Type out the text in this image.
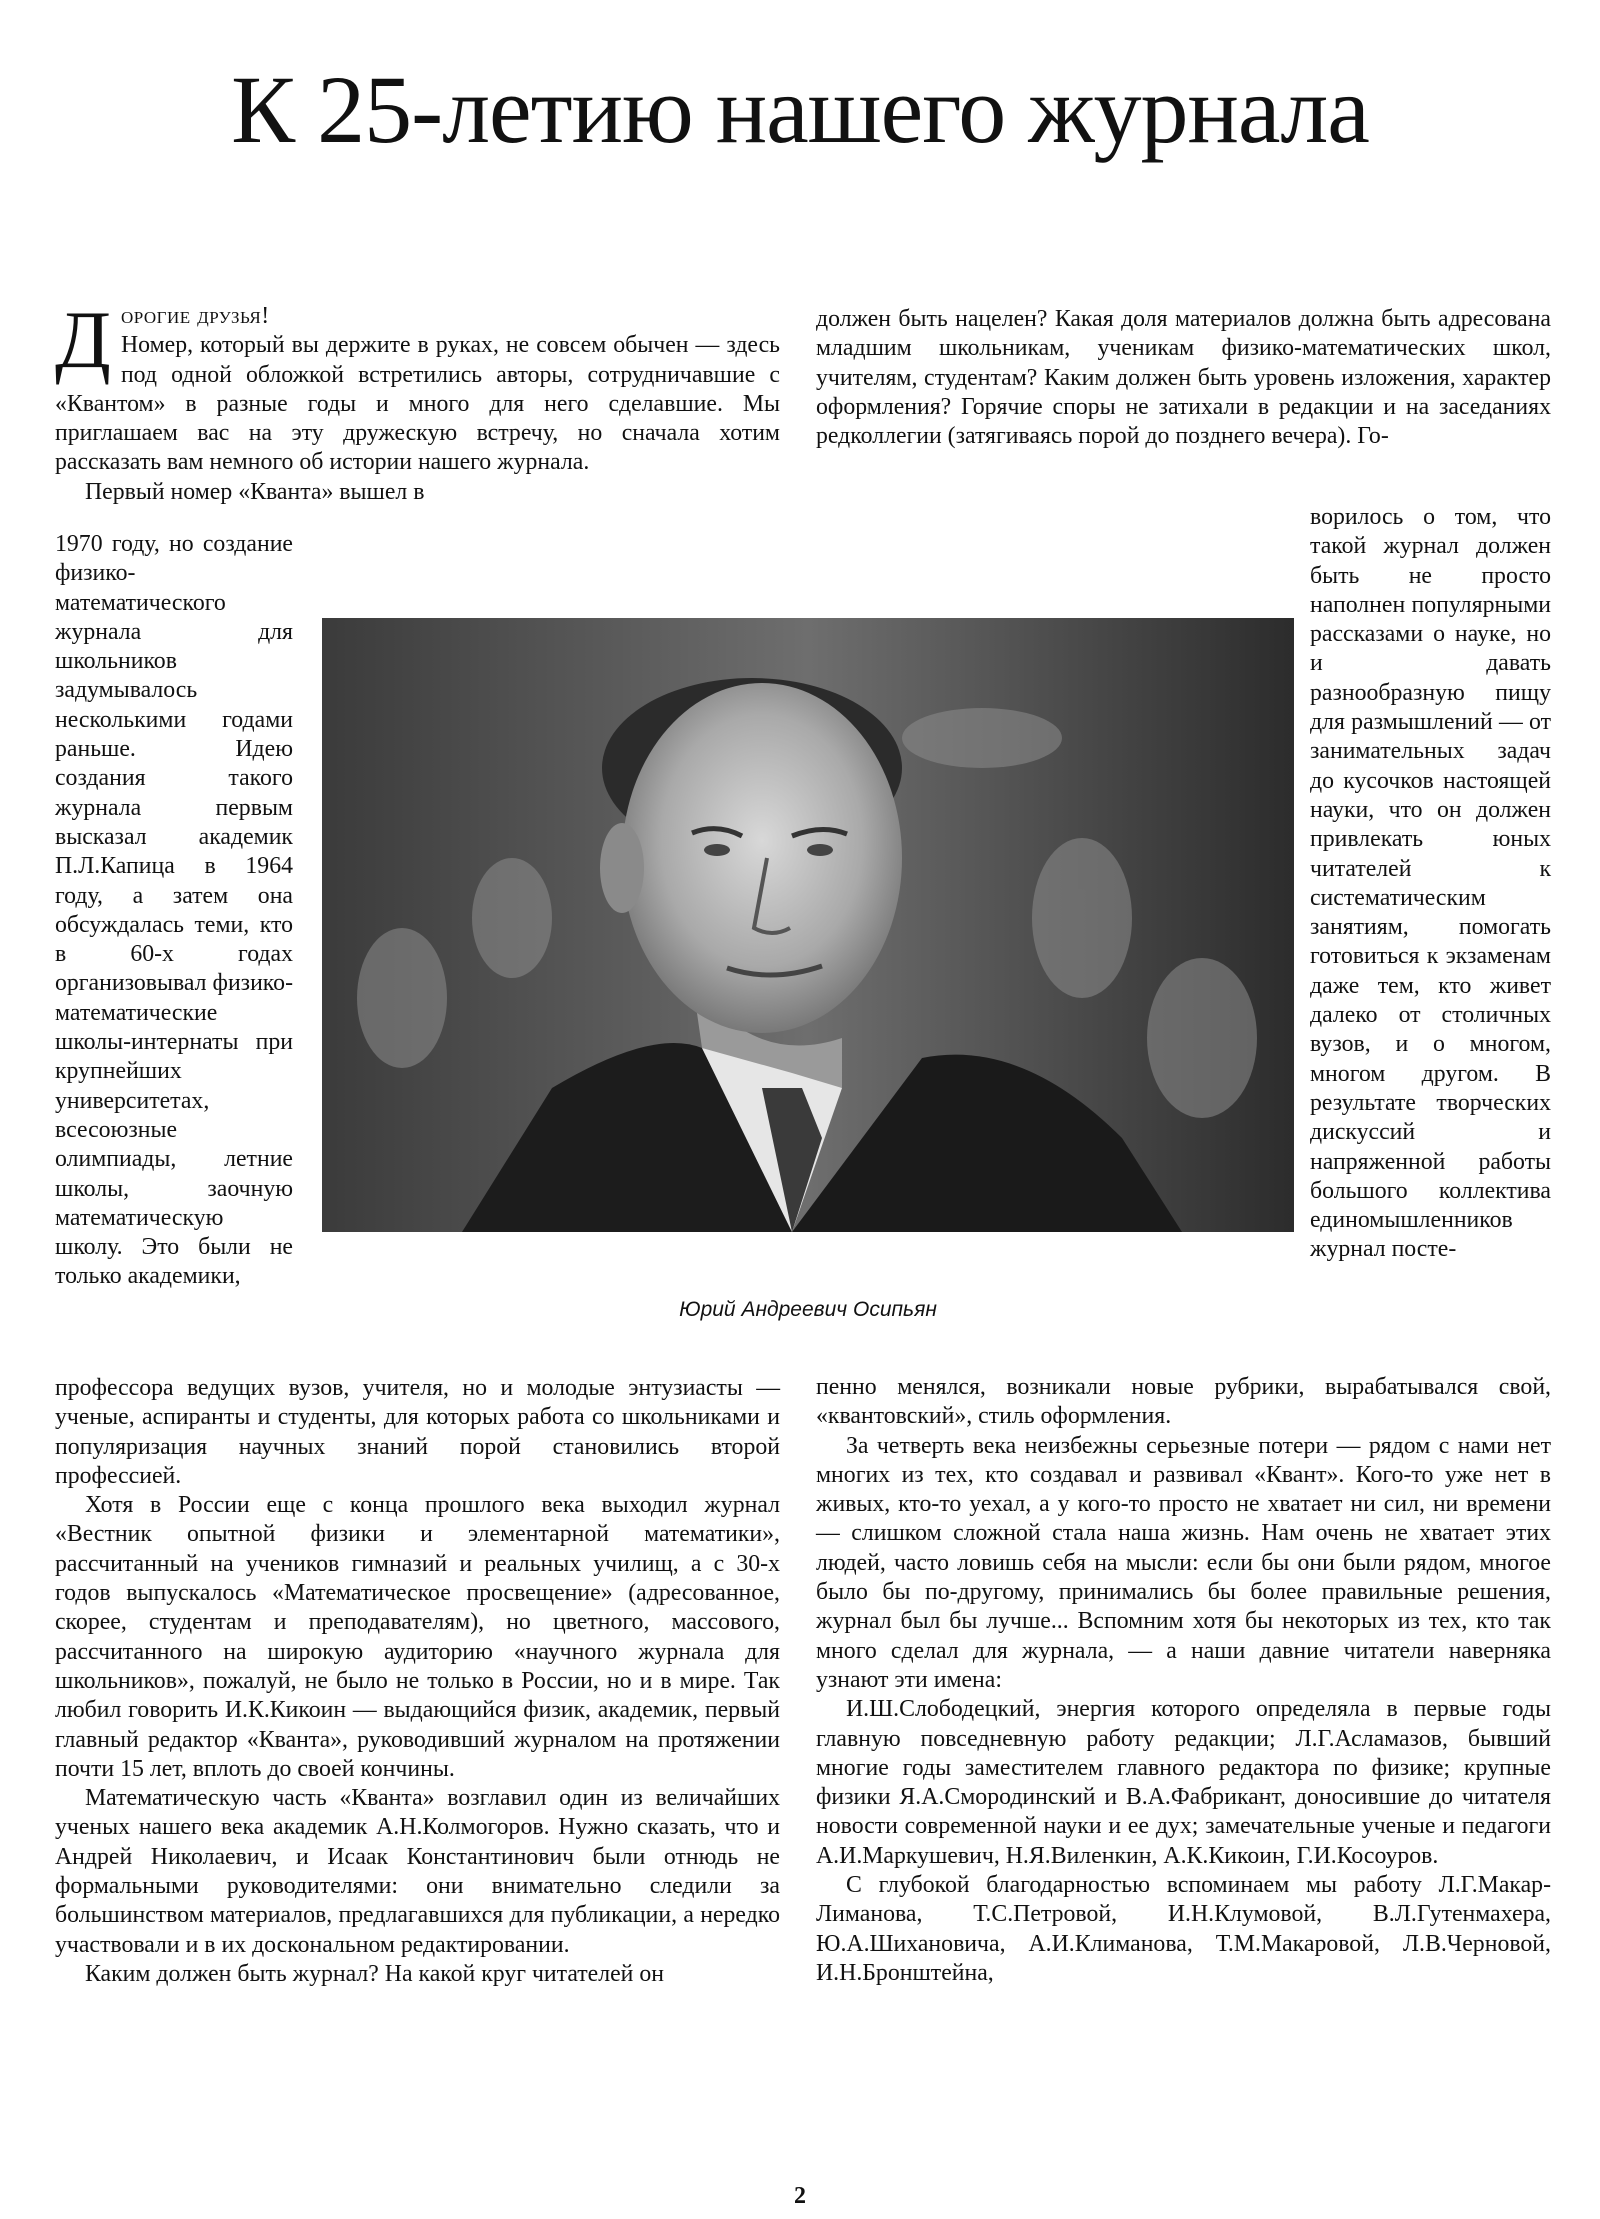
К 25-летию нашего журнала
Д орогие друзья!

Номер, который вы держите в руках, не совсем обычен — здесь под одной обложкой встретились авторы, сотрудничавшие с «Квантом» в разные годы и много для него сделавшие. Мы приглашаем вас на эту дружескую встречу, но сначала хотим рассказать вам немного об истории нашего журнала.

Первый номер «Кванта» вышел в

1970 году, но создание физико-математического журнала для школьников задумывалось несколькими годами раньше. Идею создания такого журнала первым высказал академик П.Л.Капица в 1964 году, а затем она обсуждалась теми, кто в 60-х годах организовывал физико-математические школы-интернаты при крупнейших университетах, всесоюзные олимпиады, летние школы, заочную математическую школу. Это были не только академики,

профессора ведущих вузов, учителя, но и молодые энтузиасты — ученые, аспиранты и студенты, для которых работа со школьниками и популяризация научных знаний порой становились второй профессией.

Хотя в России еще с конца прошлого века выходил журнал «Вестник опытной физики и элементарной математики», рассчитанный на учеников гимназий и реальных училищ, а с 30-х годов выпускалось «Математическое просвещение» (адресованное, скорее, студентам и преподавателям), но цветного, массового, рассчитанного на широкую аудиторию «научного журнала для школьников», пожалуй, не было не только в России, но и в мире. Так любил говорить И.К.Кикоин — выдающийся физик, академик, первый главный редактор «Кванта», руководивший журналом на протяжении почти 15 лет, вплоть до своей кончины.

Математическую часть «Кванта» возглавил один из величайших ученых нашего века академик А.Н.Колмогоров. Нужно сказать, что и Андрей Николаевич, и Исаак Константинович были отнюдь не формальными руководителями: они внимательно следили за большинством материалов, предлагавшихся для публикации, а нередко участвовали и в их доскональном редактировании.

Каким должен быть журнал? На какой круг читателей он

должен быть нацелен? Какая доля материалов должна быть адресована младшим школьникам, ученикам физико-математических школ, учителям, студентам? Каким должен быть уровень изложения, характер оформления? Горячие споры не затихали в редакции и на заседаниях редколлегии (затягиваясь порой до позднего вечера). Го-

ворилось о том, что такой журнал должен быть не просто наполнен популярными рассказами о науке, но и давать разнообразную пищу для размышлений — от занимательных задач до кусочков настоящей науки, что он должен привлекать юных читателей к систематическим занятиям, помогать готовиться к экзаменам даже тем, кто живет далеко от столичных вузов, и о многом, многом другом. В результате творческих дискуссий и напряженной работы большого коллектива единомышленников журнал посте-

пенно менялся, возникали новые рубрики, вырабатывался свой, «квантовский», стиль оформления.

За четверть века неизбежны серьезные потери — рядом с нами нет многих из тех, кто создавал и развивал «Квант». Кого-то уже нет в живых, кто-то уехал, а у кого-то просто не хватает ни сил, ни времени — слишком сложной стала наша жизнь. Нам очень не хватает этих людей, часто ловишь себя на мысли: если бы они были рядом, многое было бы по-другому, принимались бы более правильные решения, журнал был бы лучше... Вспомним хотя бы некоторых из тех, кто так много сделал для журнала, — а наши давние читатели наверняка узнают эти имена:

И.Ш.Слободецкий, энергия которого определяла в первые годы главную повседневную работу редакции; Л.Г.Асламазов, бывший многие годы заместителем главного редактора по физике; крупные физики Я.А.Смородинский и В.А.Фабрикант, доносившие до читателя новости современной науки и ее дух; замечательные ученые и педагоги А.И.Маркушевич, Н.Я.Виленкин, А.К.Кикоин, Г.И.Косоуров.

С глубокой благодарностью вспоминаем мы работу Л.Г.Макар-Лиманова, Т.С.Петровой, И.Н.Клумовой, В.Л.Гутенмахера, Ю.А.Шихановича, А.И.Климанова, Т.М.Макаровой, Л.В.Черновой, И.Н.Бронштейна,

Юрий Андреевич Осипьян
2
